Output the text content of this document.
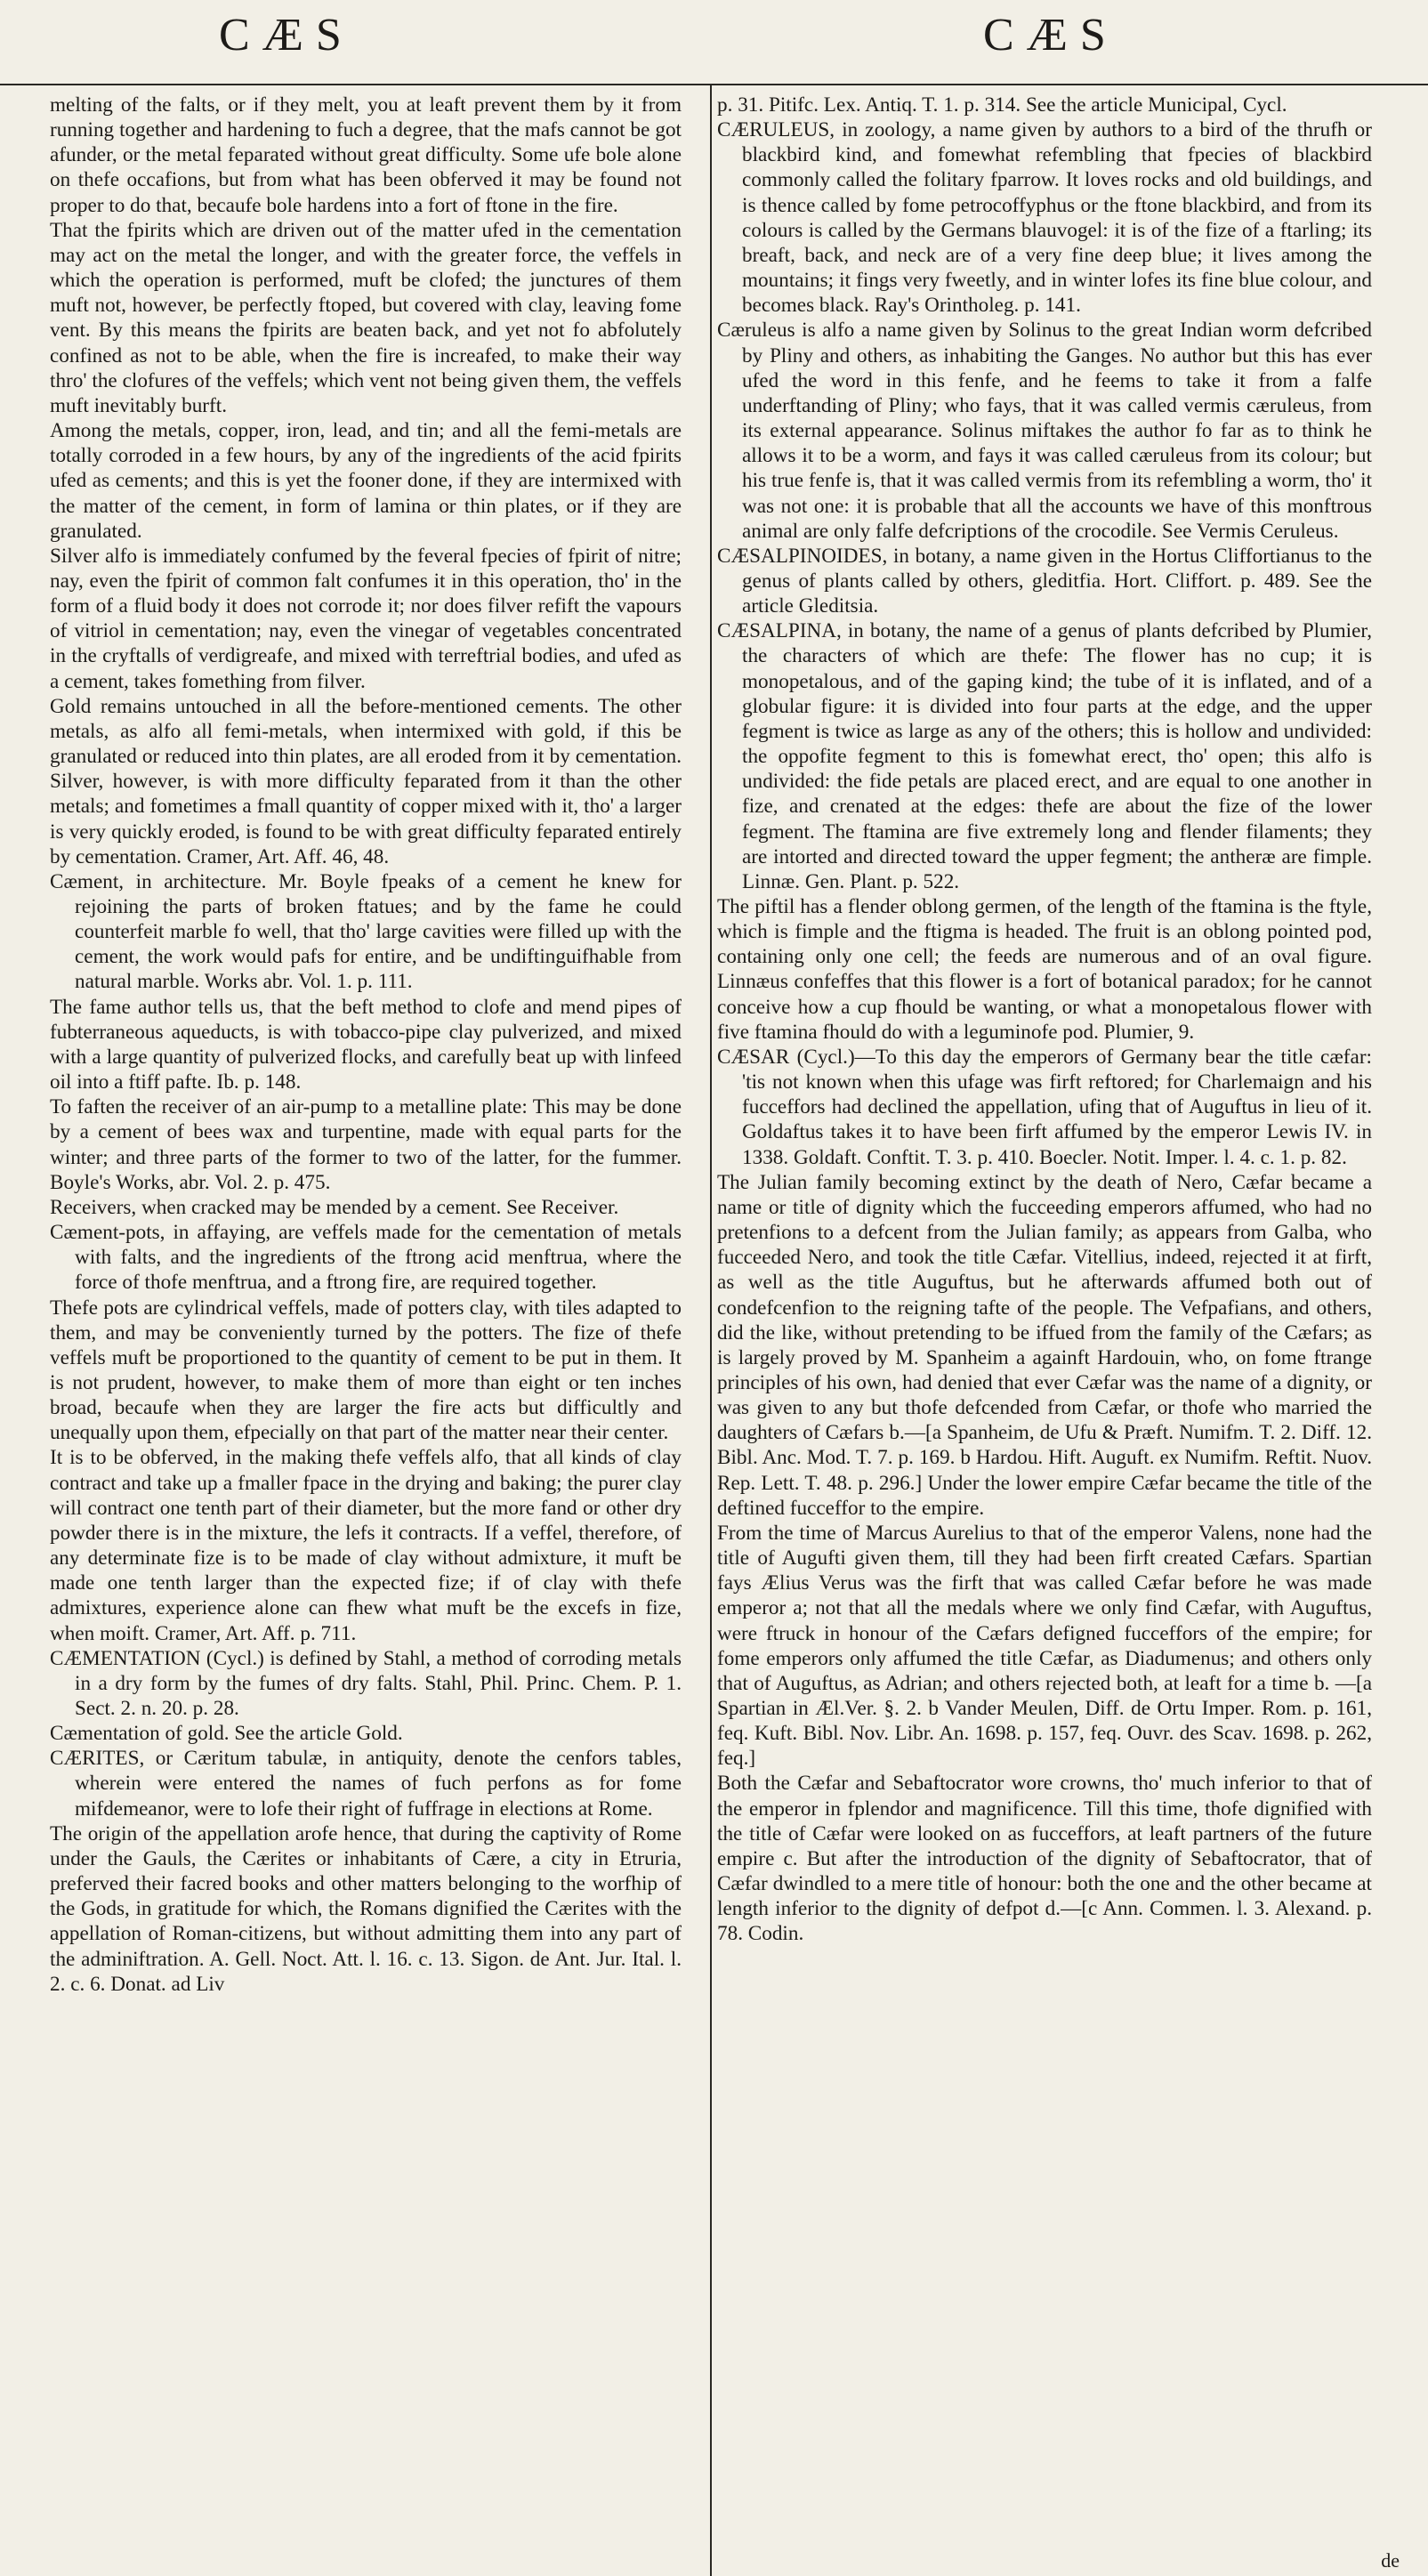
CÆS	CÆS

melting of the falts, or if they melt, you at leaft prevent them by it from running together and hardening to fuch a degree, that the mafs cannot be got afunder, or the metal feparated without great difficulty. Some ufe bole alone on thefe occafions, but from what has been obferved it may be found not proper to do that, becaufe bole hardens into a fort of ftone in the fire.

That the fpirits which are driven out of the matter ufed in the cementation may act on the metal the longer, and with the greater force, the veffels in which the operation is performed, muft be clofed; the junctures of them muft not, however, be perfectly ftoped, but covered with clay, leaving fome vent. By this means the fpirits are beaten back, and yet not fo abfolutely confined as not to be able, when the fire is increafed, to make their way thro' the clofures of the veffels; which vent not being given them, the veffels muft inevitably burft.

Among the metals, copper, iron, lead, and tin; and all the femi-metals are totally corroded in a few hours, by any of the ingredients of the acid fpirits ufed as cements; and this is yet the fooner done, if they are intermixed with the matter of the cement, in form of lamina or thin plates, or if they are granulated.

Silver alfo is immediately confumed by the feveral fpecies of fpirit of nitre; nay, even the fpirit of common falt confumes it in this operation, tho' in the form of a fluid body it does not corrode it; nor does filver refift the vapours of vitriol in cementation; nay, even the vinegar of vegetables concentrated in the cryftalls of verdigreafe, and mixed with terreftrial bodies, and ufed as a cement, takes fomething from filver.

Gold remains untouched in all the before-mentioned cements. The other metals, as alfo all femi-metals, when intermixed with gold, if this be granulated or reduced into thin plates, are all eroded from it by cementation. Silver, however, is with more difficulty feparated from it than the other metals; and fometimes a fmall quantity of copper mixed with it, tho' a larger is very quickly eroded, is found to be with great difficulty feparated entirely by cementation. Cramer, Art. Aff. 46, 48.

Cæment, in architecture. Mr. Boyle fpeaks of a cement he knew for rejoining the parts of broken ftatues; and by the fame he could counterfeit marble fo well, that tho' large cavities were filled up with the cement, the work would pafs for entire, and be undiftinguifhable from natural marble. Works abr. Vol. 1. p. 111.

The fame author tells us, that the beft method to clofe and mend pipes of fubterraneous aqueducts, is with tobacco-pipe clay pulverized, and mixed with a large quantity of pulverized flocks, and carefully beat up with linfeed oil into a ftiff pafte. Ib. p. 148.

To faften the receiver of an air-pump to a metalline plate: This may be done by a cement of bees wax and turpentine, made with equal parts for the winter; and three parts of the former to two of the latter, for the fummer. Boyle's Works, abr. Vol. 2. p. 475.

Receivers, when cracked may be mended by a cement. See Receiver.

Cæment-pots, in affaying, are veffels made for the cementation of metals with falts, and the ingredients of the ftrong acid menftrua, where the force of thofe menftrua, and a ftrong fire, are required together.

Thefe pots are cylindrical veffels, made of potters clay, with tiles adapted to them, and may be conveniently turned by the potters. The fize of thefe veffels muft be proportioned to the quantity of cement to be put in them. It is not prudent, however, to make them of more than eight or ten inches broad, becaufe when they are larger the fire acts but difficultly and unequally upon them, efpecially on that part of the matter near their center.

It is to be obferved, in the making thefe veffels alfo, that all kinds of clay contract and take up a fmaller fpace in the drying and baking; the purer clay will contract one tenth part of their diameter, but the more fand or other dry powder there is in the mixture, the lefs it contracts. If a veffel, therefore, of any determinate fize is to be made of clay without admixture, it muft be made one tenth larger than the expected fize; if of clay with thefe admixtures, experience alone can fhew what muft be the excefs in fize, when moift. Cramer, Art. Aff. p. 711.

CÆMENTATION (Cycl.) is defined by Stahl, a method of corroding metals in a dry form by the fumes of dry falts. Stahl, Phil. Princ. Chem. P. 1. Sect. 2. n. 20. p. 28.

Cæmentation of gold. See the article Gold.

CÆRITES, or Cæritum tabulæ, in antiquity, denote the cenfors tables, wherein were entered the names of fuch perfons as for fome mifdemeanor, were to lofe their right of fuffrage in elections at Rome.

The origin of the appellation arofe hence, that during the captivity of Rome under the Gauls, the Cærites or inhabitants of Cære, a city in Etruria, preferved their facred books and other matters belonging to the worfhip of the Gods, in gratitude for which, the Romans dignified the Cærites with the appellation of Roman-citizens, but without admitting them into any part of the adminiftration. A. Gell. Noct. Att. l. 16. c. 13. Sigon. de Ant. Jur. Ital. l. 2. c. 6. Donat. ad Liv

p. 31. Pitifc. Lex. Antiq. T. 1. p. 314. See the article Municipal, Cycl.

CÆRULEUS, in zoology, a name given by authors to a bird of the thrufh or blackbird kind, and fomewhat refembling that fpecies of blackbird commonly called the folitary fparrow. It loves rocks and old buildings, and is thence called by fome petrocoffyphus or the ftone blackbird, and from its colours is called by the Germans blauvogel: it is of the fize of a ftarling; its breaft, back, and neck are of a very fine deep blue; it lives among the mountains; it fings very fweetly, and in winter lofes its fine blue colour, and becomes black. Ray's Orintholeg. p. 141.

Cæruleus is alfo a name given by Solinus to the great Indian worm defcribed by Pliny and others, as inhabiting the Ganges. No author but this has ever ufed the word in this fenfe, and he feems to take it from a falfe underftanding of Pliny; who fays, that it was called vermis cæruleus, from its external appearance. Solinus miftakes the author fo far as to think he allows it to be a worm, and fays it was called cæruleus from its colour; but his true fenfe is, that it was called vermis from its refembling a worm, tho' it was not one: it is probable that all the accounts we have of this monftrous animal are only falfe defcriptions of the crocodile. See Vermis Ceruleus.

CÆSALPINOIDES, in botany, a name given in the Hortus Cliffortianus to the genus of plants called by others, gleditfia. Hort. Cliffort. p. 489. See the article Gleditsia.

CÆSALPINA, in botany, the name of a genus of plants defcribed by Plumier, the characters of which are thefe: The flower has no cup; it is monopetalous, and of the gaping kind; the tube of it is inflated, and of a globular figure: it is divided into four parts at the edge, and the upper fegment is twice as large as any of the others; this is hollow and undivided: the oppofite fegment to this is fomewhat erect, tho' open; this alfo is undivided: the fide petals are placed erect, and are equal to one another in fize, and crenated at the edges: thefe are about the fize of the lower fegment. The ftamina are five extremely long and flender filaments; they are intorted and directed toward the upper fegment; the antheræ are fimple. Linnæ. Gen. Plant. p. 522.

The piftil has a flender oblong germen, of the length of the ftamina is the ftyle, which is fimple and the ftigma is headed. The fruit is an oblong pointed pod, containing only one cell; the feeds are numerous and of an oval figure. Linnæus confeffes that this flower is a fort of botanical paradox; for he cannot conceive how a cup fhould be wanting, or what a monopetalous flower with five ftamina fhould do with a leguminofe pod. Plumier, 9.

CÆSAR (Cycl.)—To this day the emperors of Germany bear the title cæfar: 'tis not known when this ufage was firft reftored; for Charlemaign and his fucceffors had declined the appellation, ufing that of Auguftus in lieu of it. Goldaftus takes it to have been firft affumed by the emperor Lewis IV. in 1338. Goldaft. Conftit. T. 3. p. 410. Boecler. Notit. Imper. l. 4. c. 1. p. 82.

The Julian family becoming extinct by the death of Nero, Cæfar became a name or title of dignity which the fucceeding emperors affumed, who had no pretenfions to a defcent from the Julian family; as appears from Galba, who fucceeded Nero, and took the title Cæfar. Vitellius, indeed, rejected it at firft, as well as the title Auguftus, but he afterwards affumed both out of condefcenfion to the reigning tafte of the people. The Vefpafians, and others, did the like, without pretending to be iffued from the family of the Cæfars; as is largely proved by M. Spanheim a againft Hardouin, who, on fome ftrange principles of his own, had denied that ever Cæfar was the name of a dignity, or was given to any but thofe defcended from Cæfar, or thofe who married the daughters of Cæfars b.—[a Spanheim, de Ufu & Præft. Numifm. T. 2. Diff. 12. Bibl. Anc. Mod. T. 7. p. 169. b Hardou. Hift. Auguft. ex Numifm. Reftit. Nuov. Rep. Lett. T. 48. p. 296.] Under the lower empire Cæfar became the title of the deftined fucceffor to the empire.

From the time of Marcus Aurelius to that of the emperor Valens, none had the title of Augufti given them, till they had been firft created Cæfars. Spartian fays Ælius Verus was the firft that was called Cæfar before he was made emperor a; not that all the medals where we only find Cæfar, with Auguftus, were ftruck in honour of the Cæfars defigned fucceffors of the empire; for fome emperors only affumed the title Cæfar, as Diadumenus; and others only that of Auguftus, as Adrian; and others rejected both, at leaft for a time b. —[a Spartian in Æl.Ver. §. 2. b Vander Meulen, Diff. de Ortu Imper. Rom. p. 161, feq. Kuft. Bibl. Nov. Libr. An. 1698. p. 157, feq. Ouvr. des Scav. 1698. p. 262, feq.]

Both the Cæfar and Sebaftocrator wore crowns, tho' much inferior to that of the emperor in fplendor and magnificence. Till this time, thofe dignified with the title of Cæfar were looked on as fucceffors, at leaft partners of the future empire c. But after the introduction of the dignity of Sebaftocrator, that of Cæfar dwindled to a mere title of honour: both the one and the other became at length inferior to the dignity of defpot d.—[c Ann. Commen. l. 3. Alexand. p. 78. Codin.

de
